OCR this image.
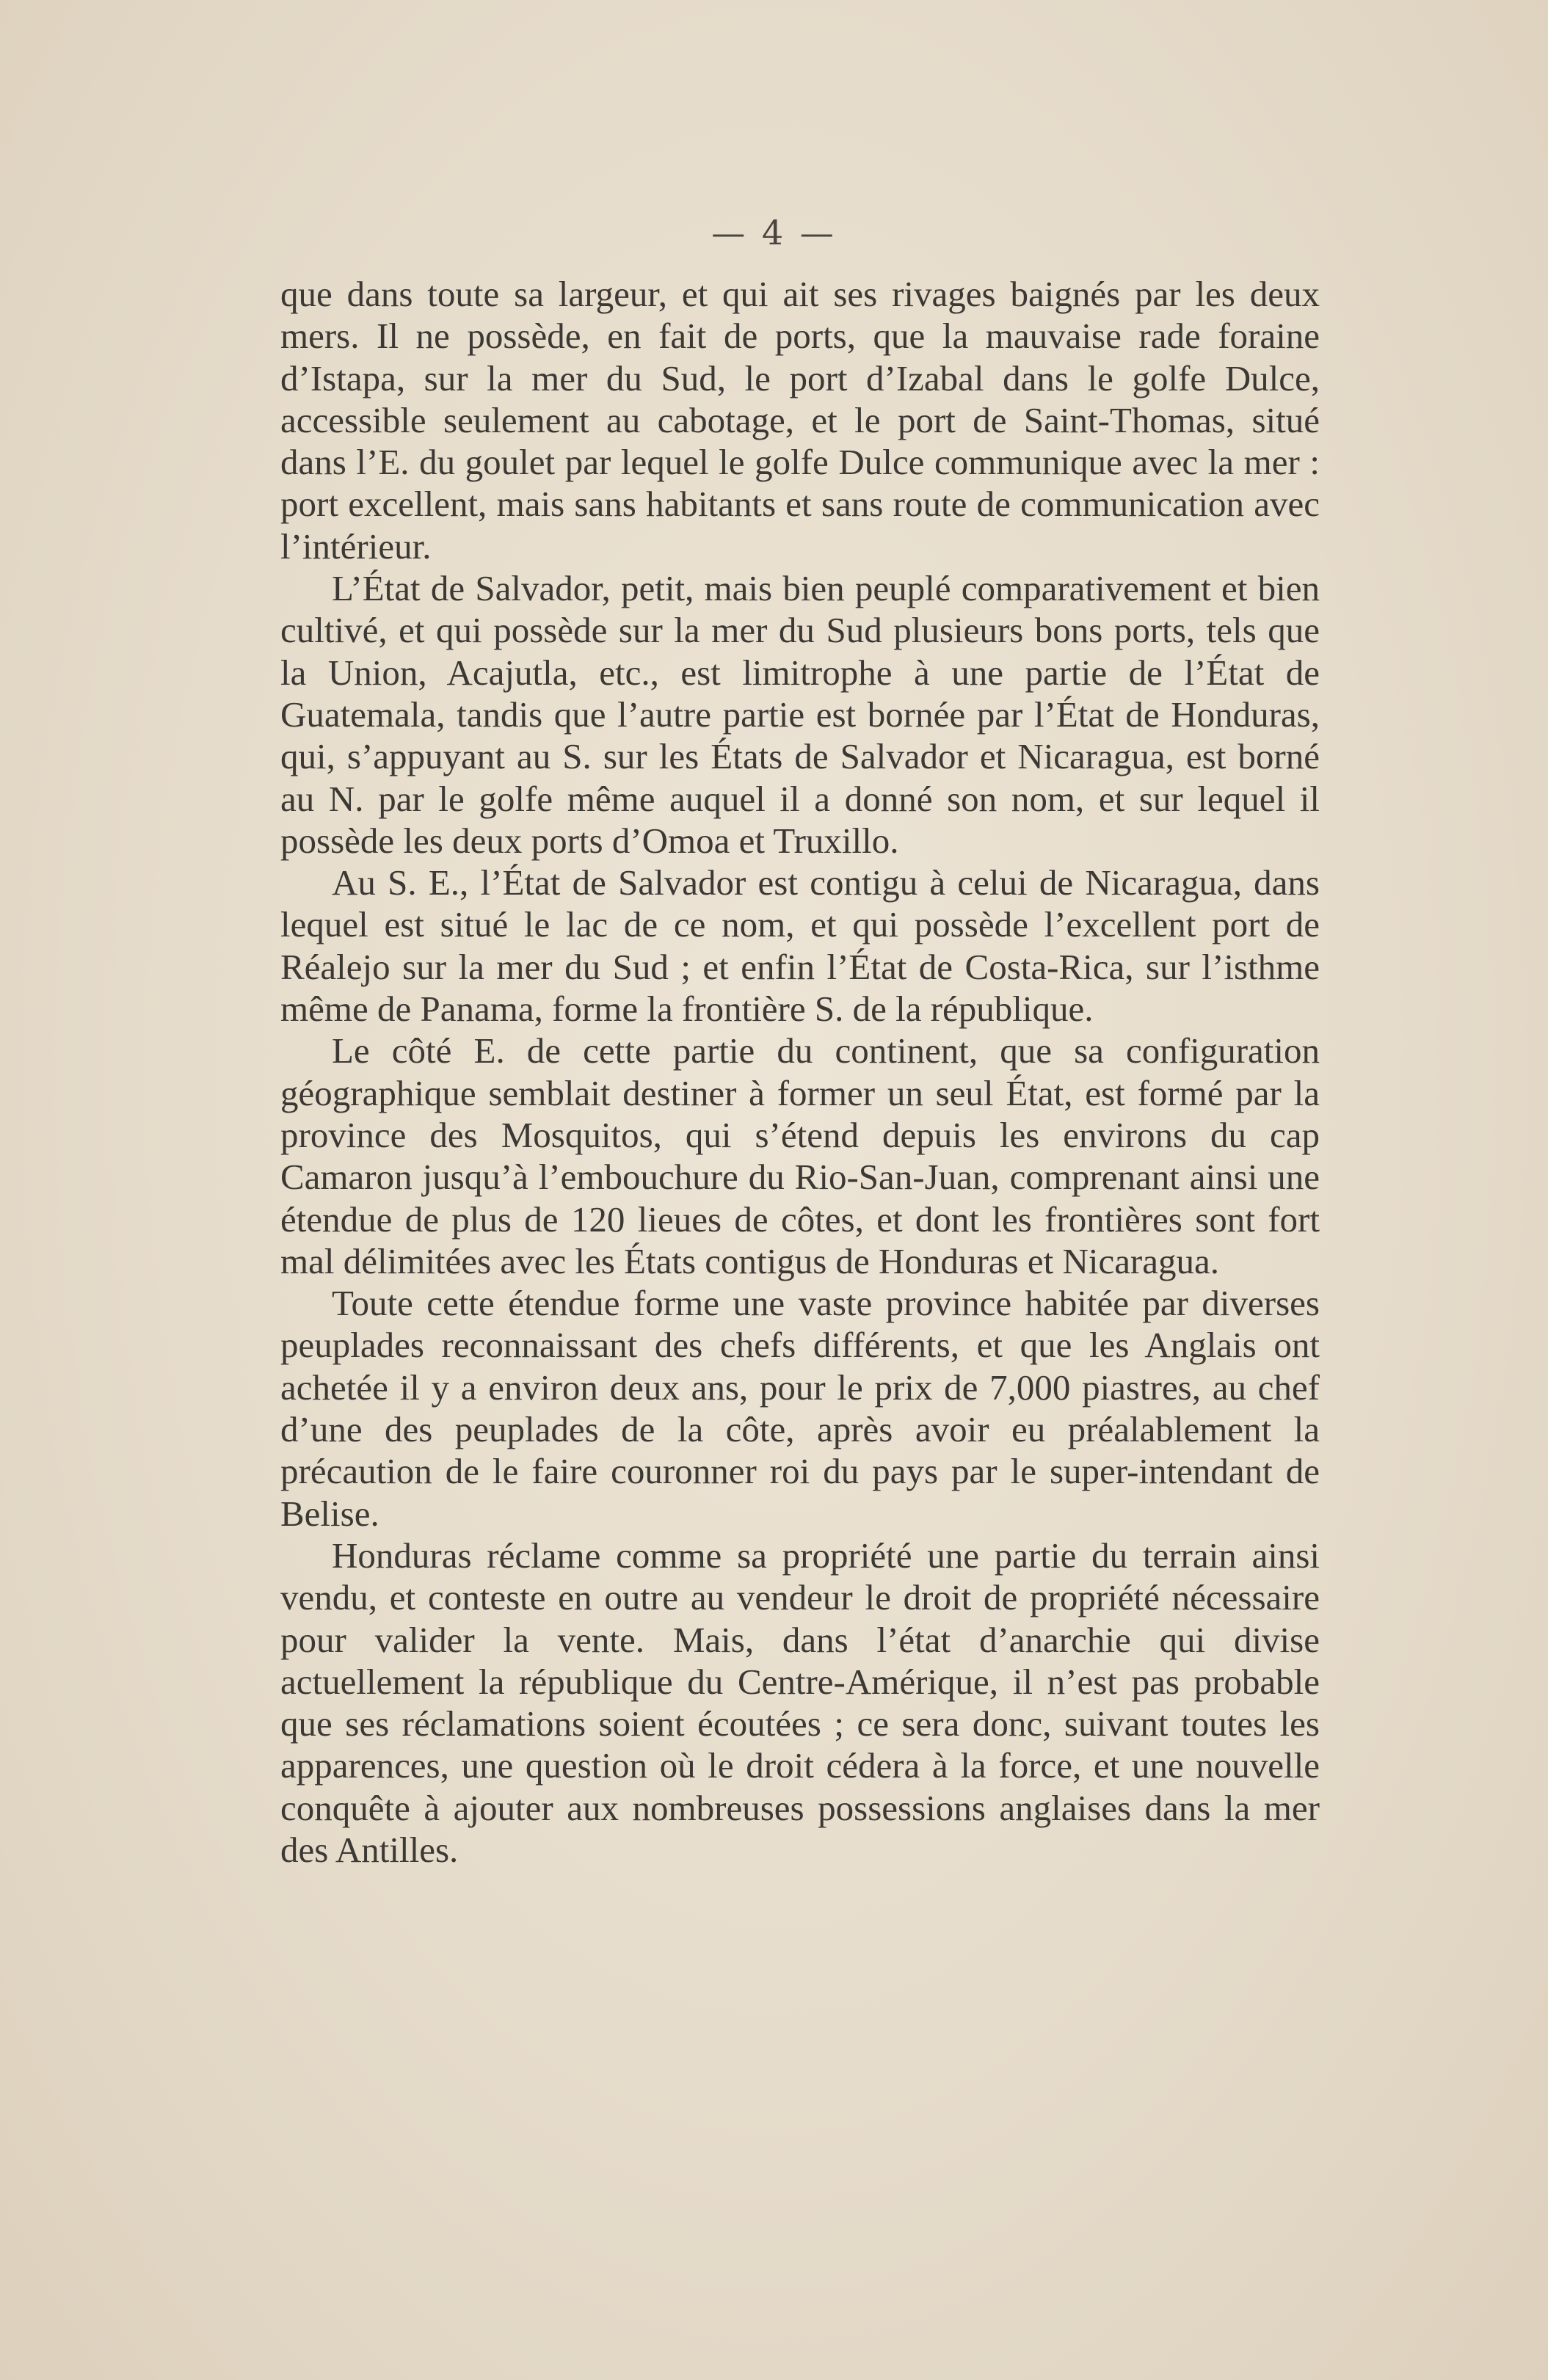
— 4 —

que dans toute sa largeur, et qui ait ses rivages baignés par les deux mers. Il ne possède, en fait de ports, que la mauvaise rade foraine d’Istapa, sur la mer du Sud, le port d’Izabal dans le golfe Dulce, accessible seulement au cabotage, et le port de Saint-Thomas, situé dans l’E. du goulet par lequel le golfe Dulce communique avec la mer : port excellent, mais sans habitants et sans route de communication avec l’intérieur.

L’État de Salvador, petit, mais bien peuplé comparativement et bien cultivé, et qui possède sur la mer du Sud plusieurs bons ports, tels que la Union, Acajutla, etc., est limitrophe à une partie de l’État de Guatemala, tandis que l’autre partie est bornée par l’État de Honduras, qui, s’appuyant au S. sur les États de Salvador et Nicaragua, est borné au N. par le golfe même auquel il a donné son nom, et sur lequel il possède les deux ports d’Omoa et Truxillo.

Au S. E., l’État de Salvador est contigu à celui de Nicaragua, dans lequel est situé le lac de ce nom, et qui possède l’excellent port de Réalejo sur la mer du Sud ; et enfin l’État de Costa-Rica, sur l’isthme même de Panama, forme la frontière S. de la république.

Le côté E. de cette partie du continent, que sa configuration géographique semblait destiner à former un seul État, est formé par la province des Mosquitos, qui s’étend depuis les environs du cap Camaron jusqu’à l’embouchure du Rio-San-Juan, comprenant ainsi une étendue de plus de 120 lieues de côtes, et dont les frontières sont fort mal délimitées avec les États contigus de Honduras et Nicaragua.

Toute cette étendue forme une vaste province habitée par diverses peuplades reconnaissant des chefs différents, et que les Anglais ont achetée il y a environ deux ans, pour le prix de 7,000 piastres, au chef d’une des peuplades de la côte, après avoir eu préalablement la précaution de le faire couronner roi du pays par le super-intendant de Belise.

Honduras réclame comme sa propriété une partie du terrain ainsi vendu, et conteste en outre au vendeur le droit de propriété nécessaire pour valider la vente. Mais, dans l’état d’anarchie qui divise actuellement la république du Centre-Amérique, il n’est pas probable que ses réclamations soient écoutées ; ce sera donc, suivant toutes les apparences, une question où le droit cédera à la force, et une nouvelle conquête à ajouter aux nombreuses possessions anglaises dans la mer des Antilles.
